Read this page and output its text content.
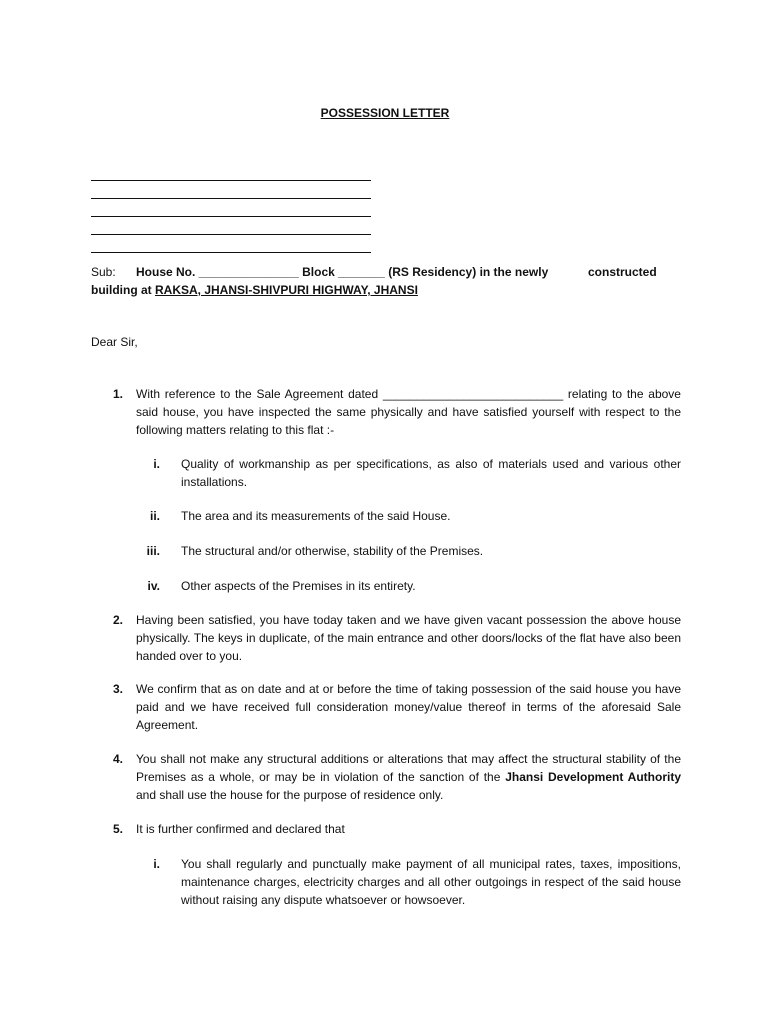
POSSESSION LETTER
Sub: House No. _______________ Block _______ (RS Residency) in the newly	constructed
building at RAKSA, JHANSI-SHIVPURI HIGHWAY, JHANSI
Dear Sir,
1. With reference to the Sale Agreement dated ___________________________ relating to the above said house, you have inspected the same physically and have satisfied yourself with respect to the following matters relating to this flat :-
i. Quality of workmanship as per specifications, as also of materials used and various other installations.
ii. The area and its measurements of the said House.
iii. The structural and/or otherwise, stability of the Premises.
iv. Other aspects of the Premises in its entirety.
2. Having been satisfied, you have today taken and we have given vacant possession the above house physically. The keys in duplicate, of the main entrance and other doors/locks of the flat have also been handed over to you.
3. We confirm that as on date and at or before the time of taking possession of the said house you have paid and we have received full consideration money/value thereof in terms of the aforesaid Sale Agreement.
4. You shall not make any structural additions or alterations that may affect the structural stability of the Premises as a whole, or may be in violation of the sanction of the Jhansi Development Authority and shall use the house for the purpose of residence only.
5. It is further confirmed and declared that
i. You shall regularly and punctually make payment of all municipal rates, taxes, impositions, maintenance charges, electricity charges and all other outgoings in respect of the said house without raising any dispute whatsoever or howsoever.
